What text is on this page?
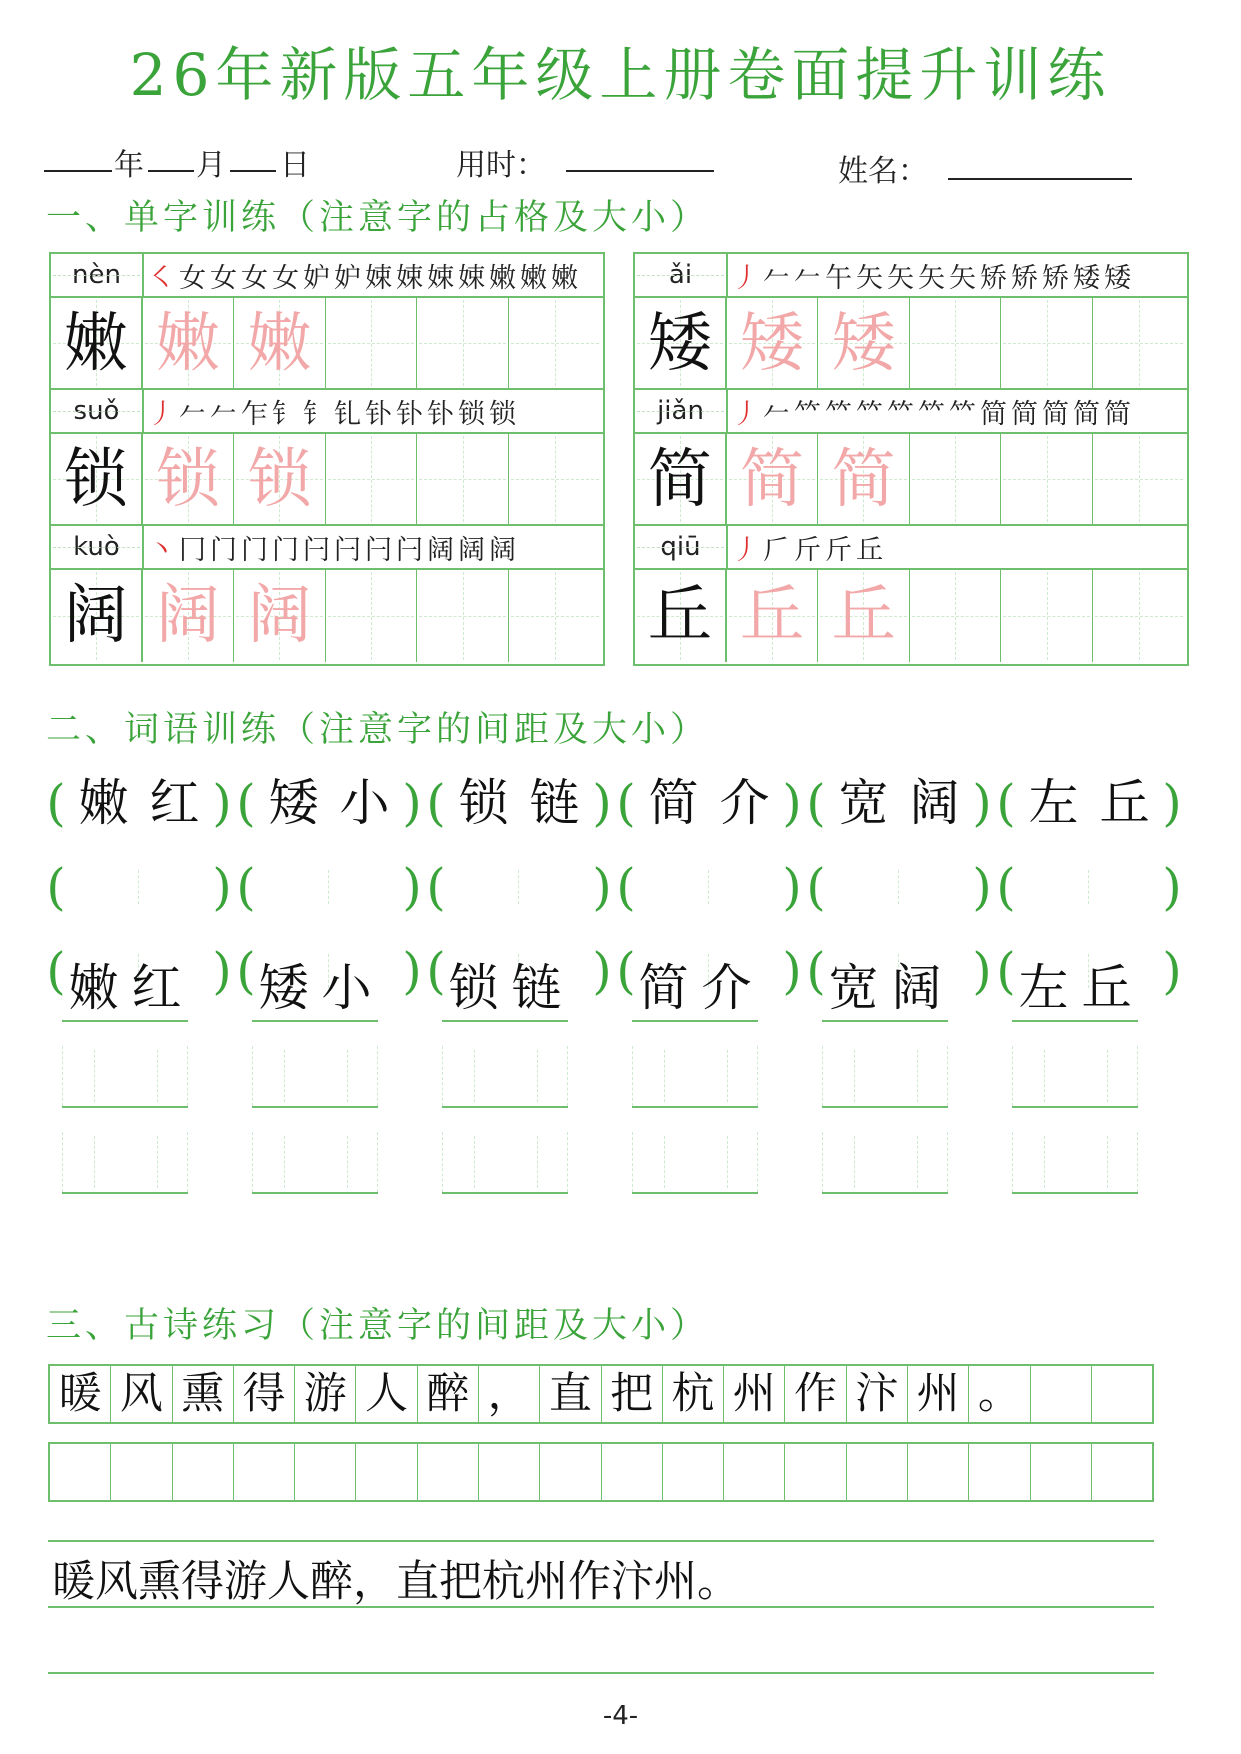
26年新版五年级上册卷面提升训练
年 月 日	用时：	姓名：
一、单字训练（注意字的占格及大小）
nèn	㇛ 女 女 女 女 妒 妒 娕 娕 娕 娕 嫩 嫩 嫩
嫩 嫩 嫩
suǒ	丿 𠂉 𠂉 乍 钅 钅 钆 钋 钋 钋 锁 锁
锁 锁 锁
kuò	丶 冂 门 门 门 闩 闩 闩 闩 阔 阔 阔
阔 阔 阔
ǎi	丿 𠂉 𠂉 午 矢 矢 矢 矢 矫 矫 矫 矮 矮
矮 矮 矮
jiǎn	丿 𠂉 𥫗 𥫗 𥫗 𥫗 𥫗 𥫗 简 简 简 简 简
简 简 简
qiū	丿 𠂆 斤 斤 丘
丘 丘 丘
二、词语训练（注意字的间距及大小）
( 嫩 红 ) ( 矮 小 ) ( 锁 链 ) ( 简 介 ) ( 宽 阔 ) ( 左 丘 )
(	) (	) (	) (	) (	) (	)
(	) (	) (	) (	) (	) (	)
嫩 红 矮 小 锁 链 简 介 宽 阔 左 丘
三、古诗练习（注意字的间距及大小）
暖 风 熏 得 游 人 醉 ， 直 把 杭 州 作 汴 州 。
暖风熏得游人醉，直把杭州作汴州。
-4-
